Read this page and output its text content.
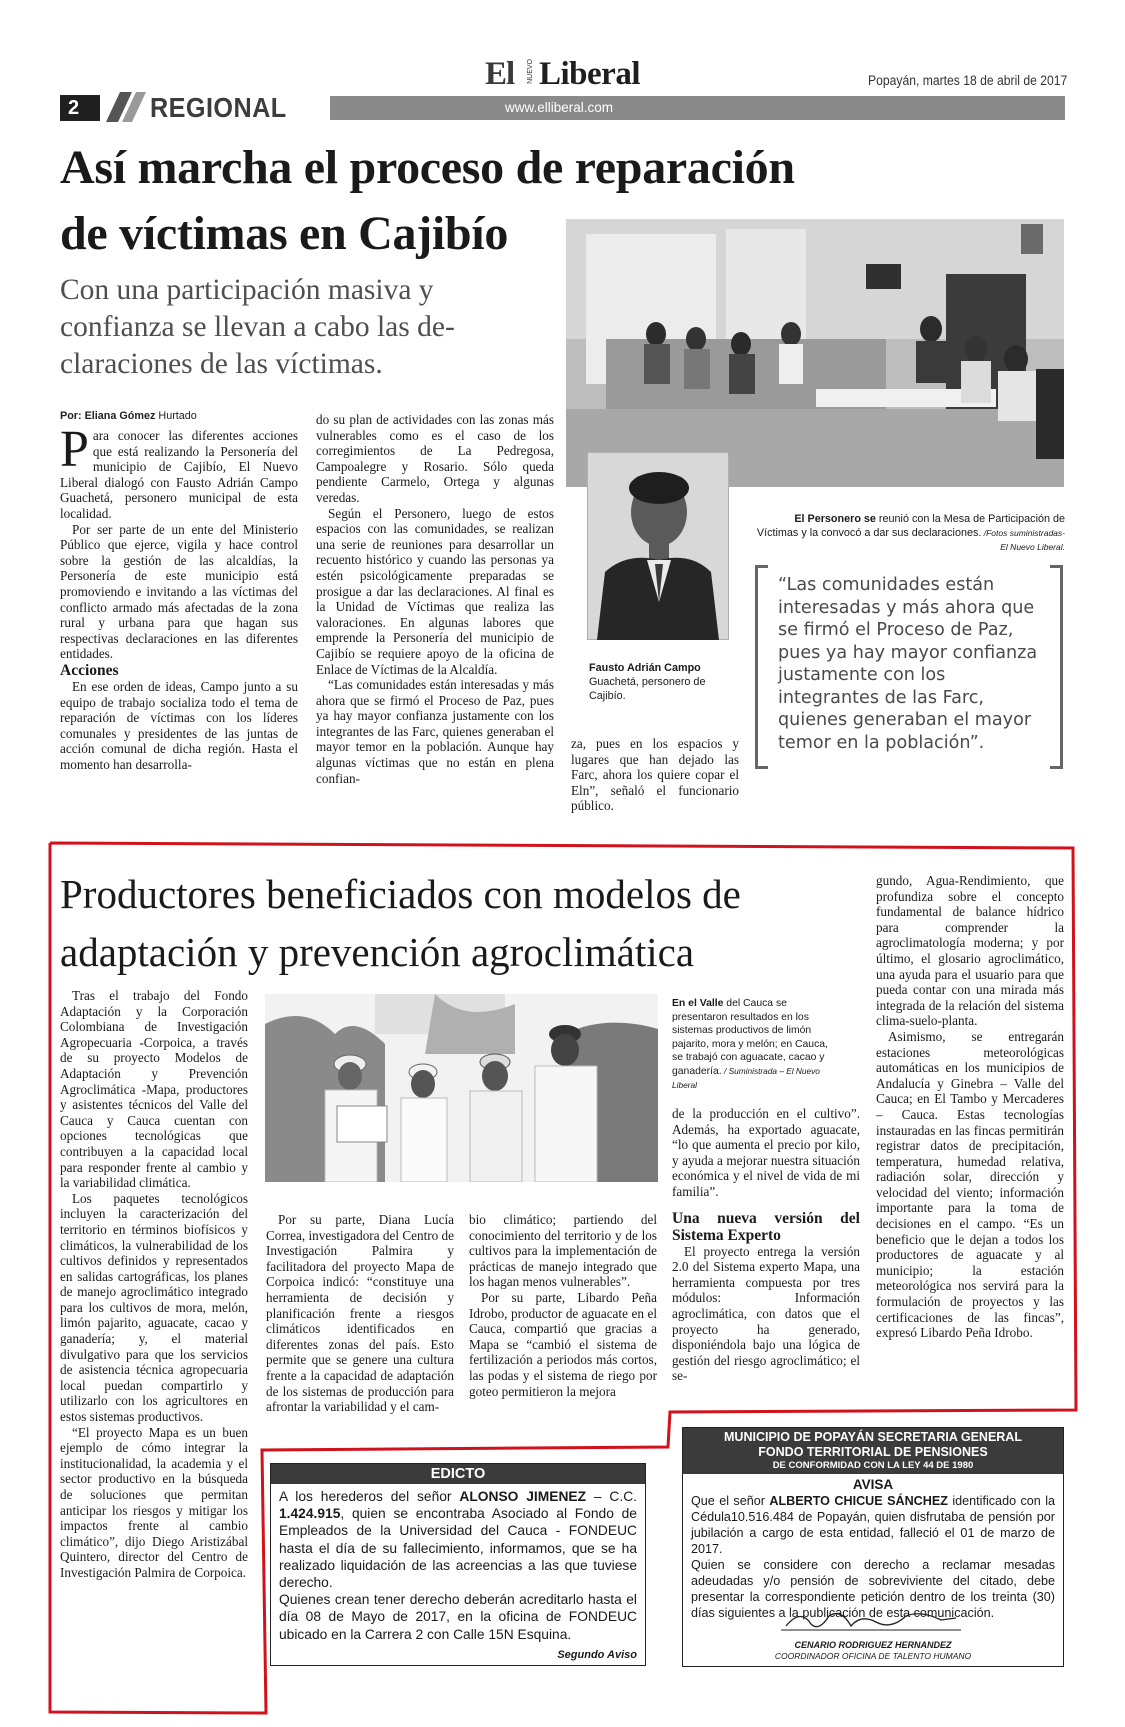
2	REGIONAL
El NUEVO Liberal
www.elliberal.com
Popayán, martes 18 de abril de 2017
Así marcha el proceso de reparación
de víctimas en Cajibío
Con una participación masiva y confianza se llevan a cabo las de-claraciones de las víctimas.
Por: Eliana Gómez Hurtado

Para conocer las diferentes acciones que está realizando la Personería del municipio de Cajibío, El Nuevo Liberal dialogó con Fausto Adrián Campo Guachetá, personero municipal de esta localidad.

Por ser parte de un ente del Ministerio Público que ejerce, vigila y hace control sobre la gestión de las alcaldías, la Personería de este municipio está promoviendo e invitando a las víctimas del conflicto armado más afectadas de la zona rural y urbana para que hagan sus respectivas declaraciones en las diferentes entidades.

Acciones

En ese orden de ideas, Campo junto a su equipo de trabajo socializa todo el tema de reparación de víctimas con los líderes comunales y presidentes de las juntas de acción comunal de dicha región. Hasta el momento han desarrolla-

do su plan de actividades con las zonas más vulnerables como es el caso de los corregimientos de La Pedregosa, Campoalegre y Rosario. Sólo queda pendiente Carmelo, Ortega y algunas veredas.

Según el Personero, luego de estos espacios con las comunidades, se realizan una serie de reuniones para desarrollar un recuento histórico y cuando las personas ya estén psicológicamente preparadas se prosigue a dar las declaraciones. Al final es la Unidad de Víctimas que realiza las valoraciones. En algunas labores que emprende la Personería del municipio de Cajibío se requiere apoyo de la oficina de Enlace de Víctimas de la Alcaldía.

“Las comunidades están interesadas y más ahora que se firmó el Proceso de Paz, pues ya hay mayor confianza justamente con los integrantes de las Farc, quienes generaban el mayor temor en la población. Aunque hay algunas víctimas que no están en plena confian-

za, pues en los espacios y lugares que han dejado las Farc, ahora los quiere copar el Eln”, señaló el funcionario público.

Fausto Adrián Campo Guachetá, personero de Cajibío.
El Personero se reunió con la Mesa de Participación de Víctimas y la convocó a dar sus declaraciones. /Fotos suministradas-El Nuevo Liberal.
“Las comunidades están interesadas y más ahora que se firmó el Proceso de Paz, pues ya hay mayor confianza justamente con los integrantes de las Farc, quienes generaban el mayor temor en la población”.
Productores beneficiados con modelos de
adaptación y prevención agroclimática
En el Valle del Cauca se presentaron resultados en los sistemas productivos de limón pajarito, mora y melón; en Cauca, se trabajó con aguacate, cacao y ganadería. / Suministrada – El Nuevo Liberal

Tras el trabajo del Fondo Adaptación y la Corporación Colombiana de Investigación Agropecuaria -Corpoica, a través de su proyecto Modelos de Adaptación y Prevención Agroclimática -Mapa, productores y asistentes técnicos del Valle del Cauca y Cauca cuentan con opciones tecnológicas que contribuyen a la capacidad local para responder frente al cambio y la variabilidad climática.

Los paquetes tecnológicos incluyen la caracterización del territorio en términos biofísicos y climáticos, la vulnerabilidad de los cultivos definidos y representados en salidas cartográficas, los planes de manejo agroclimático integrado para los cultivos de mora, melón, limón pajarito, aguacate, cacao y ganadería; y, el material divulgativo para que los servicios de asistencia técnica agropecuaria local puedan compartirlo y utilizarlo con los agricultores en estos sistemas productivos.

“El proyecto Mapa es un buen ejemplo de cómo integrar la institucionalidad, la academia y el sector productivo en la búsqueda de soluciones que permitan anticipar los riesgos y mitigar los impactos frente al cambio climático”, dijo Diego Aristizábal Quintero, director del Centro de Investigación Palmira de Corpoica.

Por su parte, Diana Lucía Correa, investigadora del Centro de Investigación Palmira y facilitadora del proyecto Mapa de Corpoica indicó: “constituye una herramienta de decisión y planificación frente a riesgos climáticos identificados en diferentes zonas del país. Esto permite que se genere una cultura frente a la capacidad de adaptación de los sistemas de producción para afrontar la variabilidad y el cam-

bio climático; partiendo del conocimiento del territorio y de los cultivos para la implementación de prácticas de manejo integrado que los hagan menos vulnerables”.

Por su parte, Libardo Peña Idrobo, productor de aguacate en el Cauca, compartió que gracias a Mapa se “cambió el sistema de fertilización a periodos más cortos, las podas y el sistema de riego por goteo permitieron la mejora

de la producción en el cultivo”. Además, ha exportado aguacate, “lo que aumenta el precio por kilo, y ayuda a mejorar nuestra situación económica y el nivel de vida de mi familia”.

Una nueva versión del Sistema Experto

El proyecto entrega la versión 2.0 del Sistema experto Mapa, una herramienta compuesta por tres módulos: Información agroclimática, con datos que el proyecto ha generado, disponiéndola bajo una lógica de gestión del riesgo agroclimático; el se-

gundo, Agua-Rendimiento, que profundiza sobre el concepto fundamental de balance hídrico para comprender la agroclimatología moderna; y por último, el glosario agroclimático, una ayuda para el usuario para que pueda contar con una mirada más integrada de la relación del sistema clima-suelo-planta.

Asimismo, se entregarán estaciones meteorológicas automáticas en los municipios de Andalucía y Ginebra – Valle del Cauca; en El Tambo y Mercaderes – Cauca. Estas tecnologías instauradas en las fincas permitirán registrar datos de precipitación, temperatura, humedad relativa, radiación solar, dirección y velocidad del viento; información importante para la toma de decisiones en el campo. “Es un beneficio que le dejan a todos los productores de aguacate y al municipio; la estación meteorológica nos servirá para la formulación de proyectos y las certificaciones de las fincas”, expresó Libardo Peña Idrobo.

EDICTO
A los herederos del señor ALONSO JIMENEZ – C.C. 1.424.915, quien se encontraba Asociado al Fondo de Empleados de la Universidad del Cauca - FONDEUC hasta el día de su fallecimiento, informamos, que se ha realizado liquidación de las acreencias a las que tuviese derecho.
Quienes crean tener derecho deberán acreditarlo hasta el día 08 de Mayo de 2017, en la oficina de FONDEUC ubicado en la Carrera 2 con Calle 15N Esquina.
Segundo Aviso
MUNICIPIO DE POPAYÁN SECRETARIA GENERAL
FONDO TERRITORIAL DE PENSIONES
DE CONFORMIDAD CON LA LEY 44 DE 1980
AVISA
Que el señor ALBERTO CHICUE SÁNCHEZ identificado con la Cédula10.516.484 de Popayán, quien disfrutaba de pensión por jubilación a cargo de esta entidad, falleció el 01 de marzo de 2017.
Quien se considere con derecho a reclamar mesadas adeudadas y/o pensión de sobreviviente del citado, debe presentar la correspondiente petición dentro de los treinta (30) días siguientes a la publicación de esta comunicación.
CENARIO RODRIGUEZ HERNANDEZ
COORDINADOR OFICINA DE TALENTO HUMANO
